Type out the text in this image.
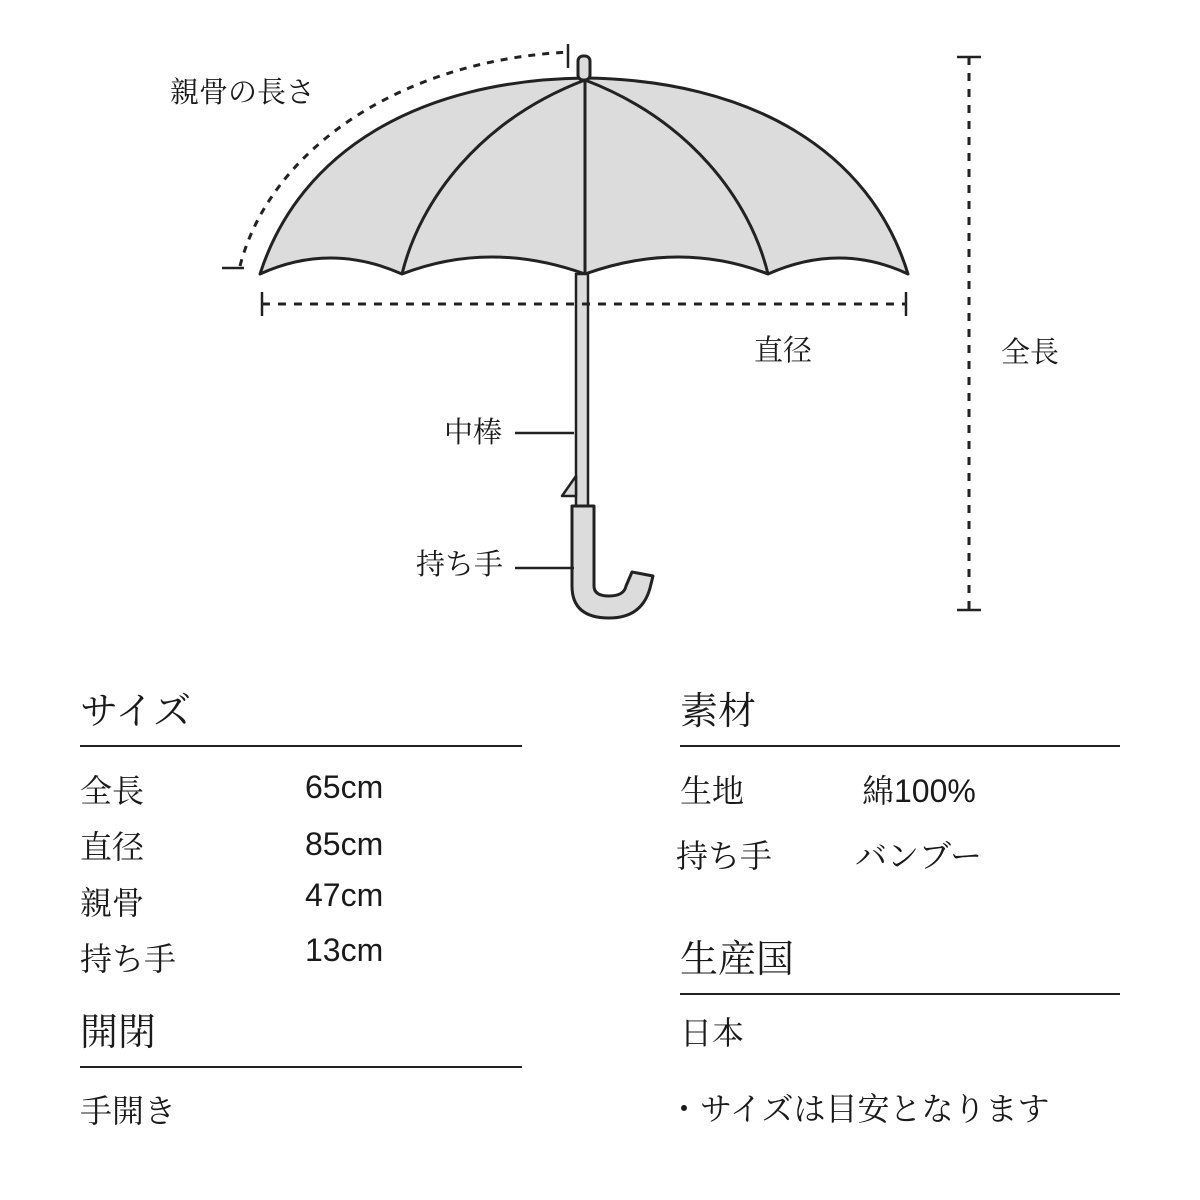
親骨の長さ
直径	全長
中棒
持ち手
サイズ
全長	65cm
直径	85cm
親骨	47cm
持ち手	13cm
開閉
手開き
素材
生地	綿100%
持ち手	バンブー
生産国
日本
・サイズは目安となります
